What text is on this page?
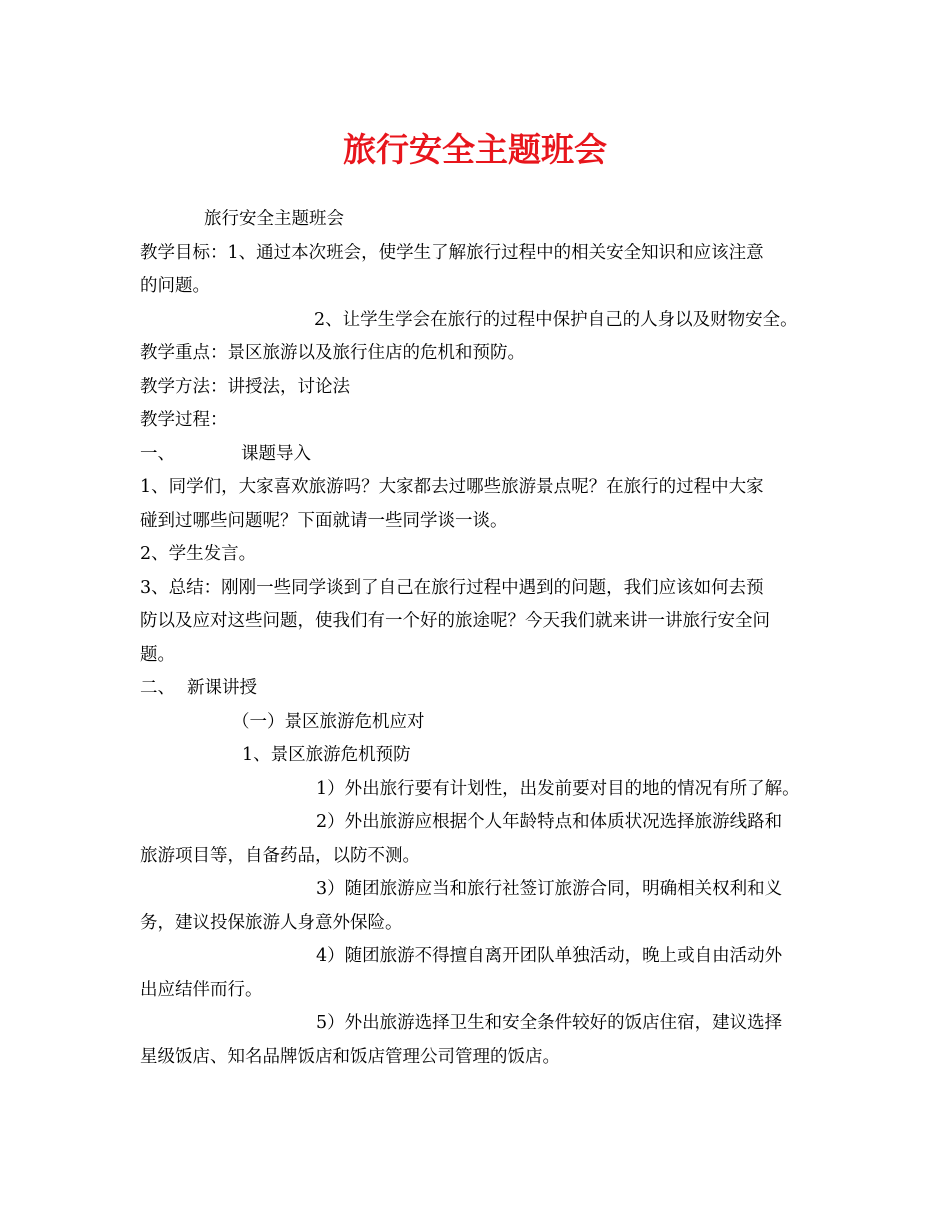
旅行安全主题班会
旅行安全主题班会
教学目标：1、通过本次班会，使学生了解旅行过程中的相关安全知识和应该注意
的问题。
2、让学生学会在旅行的过程中保护自己的人身以及财物安全。
教学重点：景区旅游以及旅行住店的危机和预防。
教学方法：讲授法，讨论法
教学过程：
一、	课题导入
1、同学们，大家喜欢旅游吗？大家都去过哪些旅游景点呢？在旅行的过程中大家
碰到过哪些问题呢？下面就请一些同学谈一谈。
2、学生发言。
3、总结：刚刚一些同学谈到了自己在旅行过程中遇到的问题，我们应该如何去预
防以及应对这些问题，使我们有一个好的旅途呢？今天我们就来讲一讲旅行安全问
题。
二、 新课讲授
（一）景区旅游危机应对
1、景区旅游危机预防
1）外出旅行要有计划性，出发前要对目的地的情况有所了解。
2）外出旅游应根据个人年龄特点和体质状况选择旅游线路和
旅游项目等，自备药品，以防不测。
3）随团旅游应当和旅行社签订旅游合同，明确相关权利和义
务，建议投保旅游人身意外保险。
4）随团旅游不得擅自离开团队单独活动，晚上或自由活动外
出应结伴而行。
5）外出旅游选择卫生和安全条件较好的饭店住宿，建议选择
星级饭店、知名品牌饭店和饭店管理公司管理的饭店。
